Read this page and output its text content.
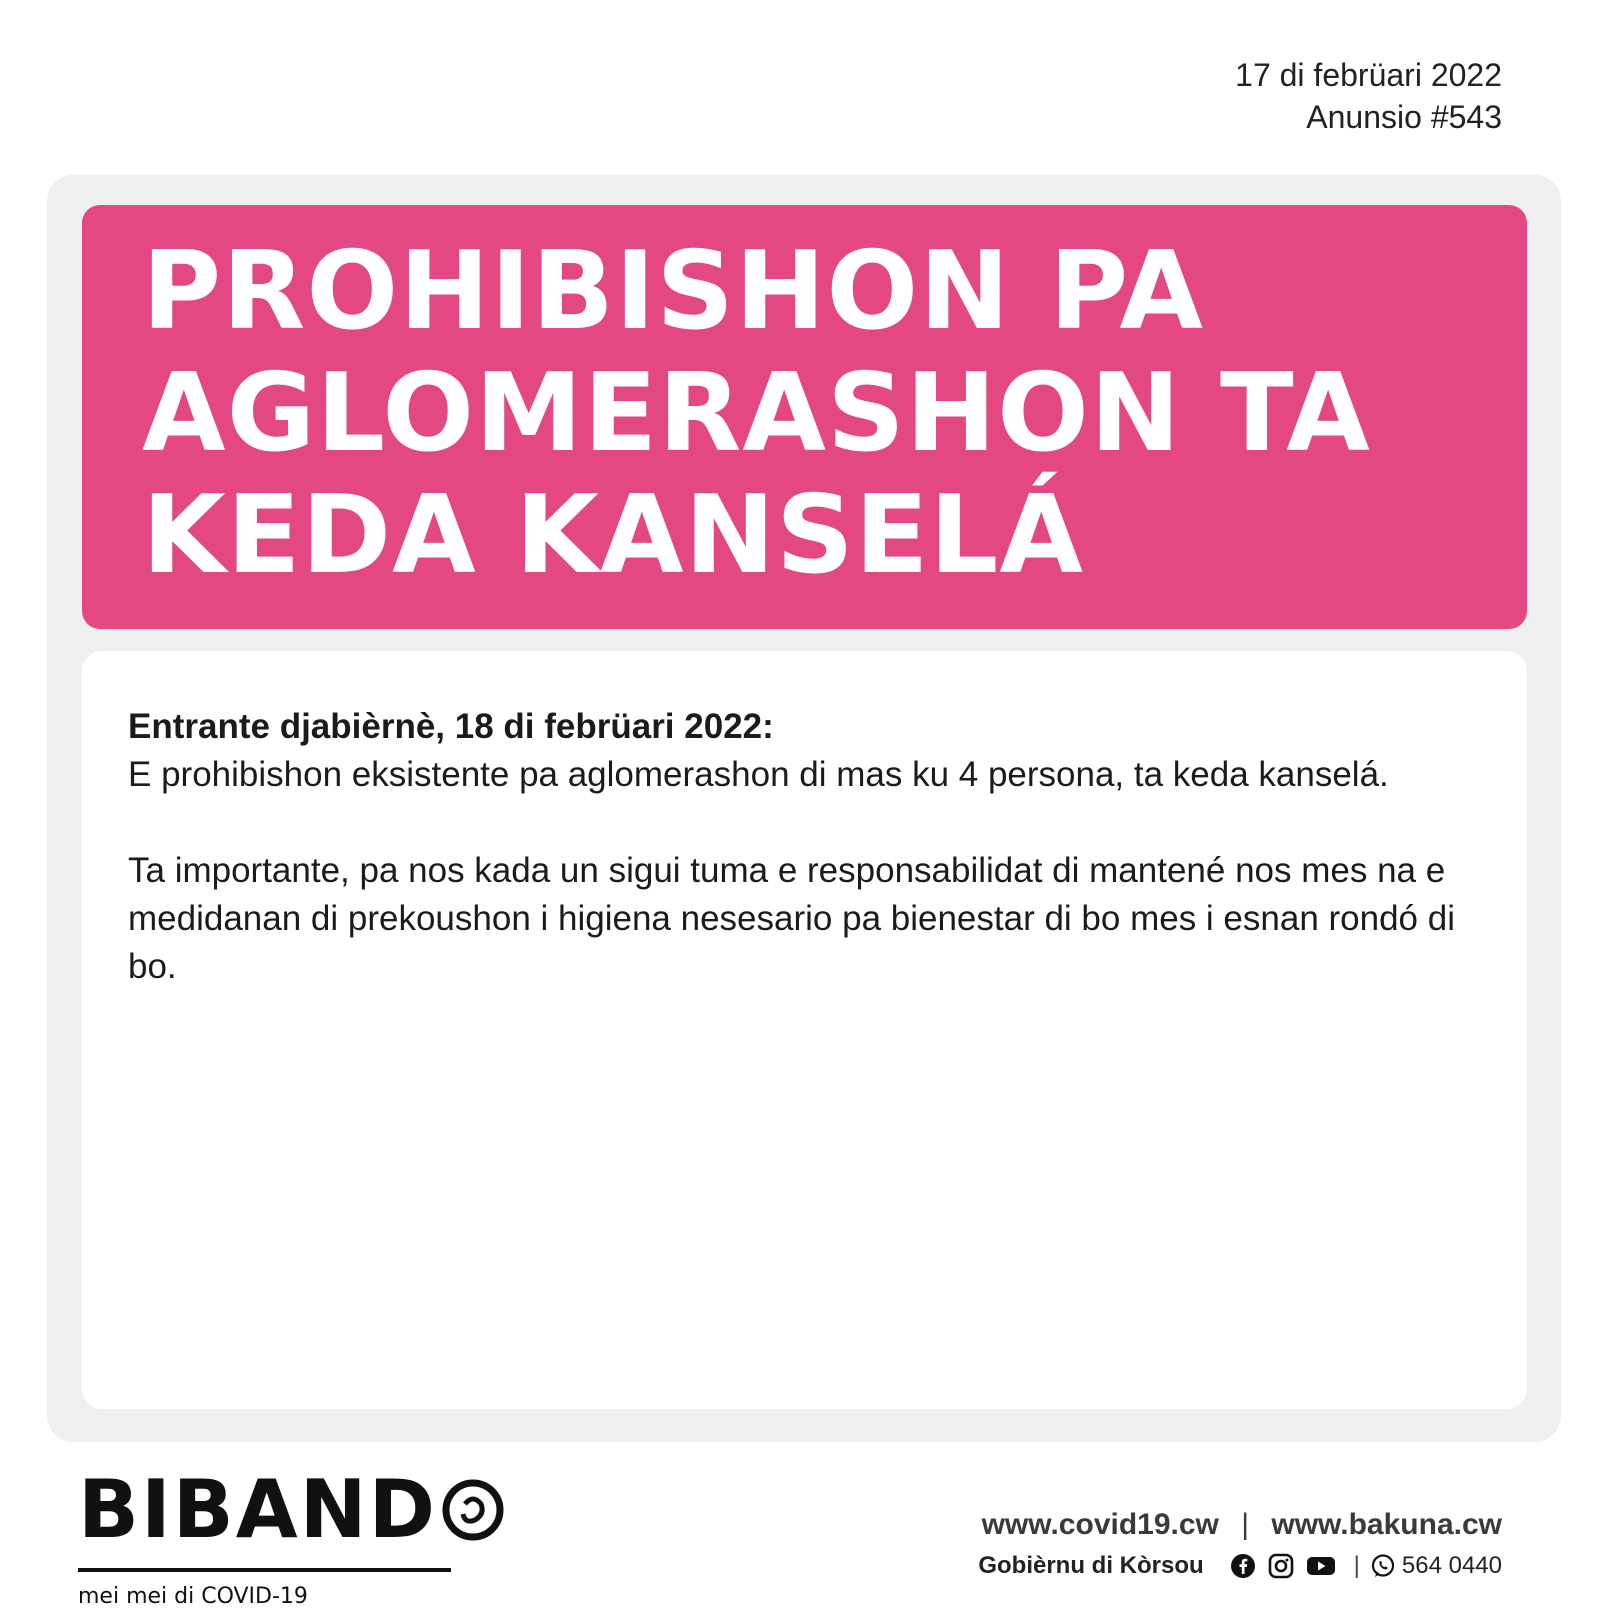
17 di febrüari 2022
Anunsio #543
PROHIBISHON PA
AGLOMERASHON TA
KEDA KANSELÁ
Entrante djabièrnè, 18 di febrüari 2022:
E prohibishon eksistente pa aglomerashon di mas ku 4 persona, ta keda kanselá.
Ta importante, pa nos kada un sigui tuma e responsabilidat di mantené nos mes na e medidanan di prekoushon i higiena nesesario pa bienestar di bo mes i esnan rondó di bo.
BIBAND
mei mei di COVID-19
www.covid19.cw | www.bakuna.cw
Gobièrnu di Kòrsou	| 564 0440
